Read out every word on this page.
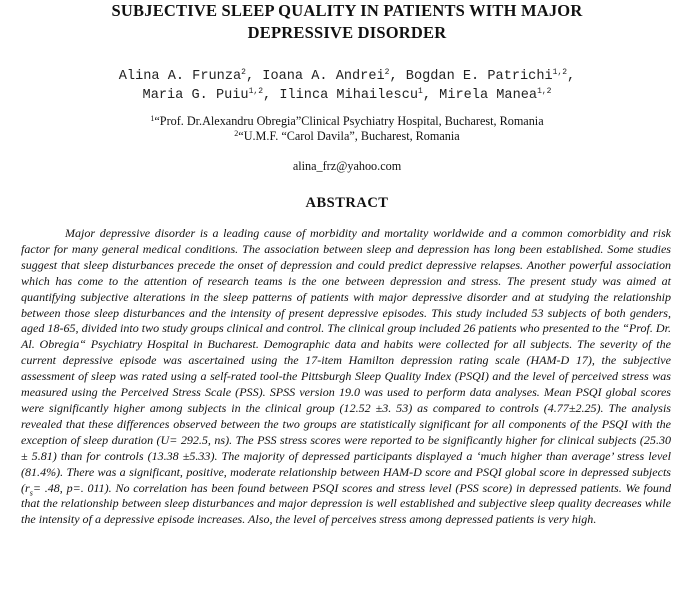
SUBJECTIVE SLEEP QUALITY IN PATIENTS WITH MAJOR
DEPRESSIVE DISORDER

Alina A. Frunza$^2$, Ioana A. Andrei$^2$, Bogdan E. Patrichi$^{1,2}$,

Maria G. Puiu$^{1,2}$, Ilinca Mihailescu$^1$, Mirela Manea$^{1,2}$

$^1$“Prof. Dr.Alexandru Obregia”Clinical Psychiatry Hospital, Bucharest, Romania

$^2$“U.M.F. “Carol Davila”, Bucharest, Romania

alina_frz@yahoo.com

ABSTRACT

Major depressive disorder is a leading cause of morbidity and mortality worldwide and a common comorbidity and risk factor for many general medical conditions. The association between sleep and depression has long been established. Some studies suggest that sleep disturbances precede the onset of depression and could predict depressive relapses. Another powerful association which has come to the attention of research teams is the one between depression and stress. The present study was aimed at quantifying subjective alterations in the sleep patterns of patients with major depressive disorder and at studying the relationship between those sleep disturbances and the intensity of present depressive episodes. This study included 53 subjects of both genders, aged 18-65, divided into two study groups clinical and control. The clinical group included 26 patients who presented to the “Prof. Dr. Al. Obregia“ Psychiatry Hospital in Bucharest. Demographic data and habits were collected for all subjects. The severity of the current depressive episode was ascertained using the 17-item Hamilton depression rating scale (HAM-D 17), the subjective assessment of sleep was rated using a self-rated tool-the Pittsburgh Sleep Quality Index (PSQI) and the level of perceived stress was measured using the Perceived Stress Scale (PSS). SPSS version 19.0 was used to perform data analyses. Mean PSQI global scores were significantly higher among subjects in the clinical group (12.52 ±3. 53) as compared to controls (4.77±2.25). The analysis revealed that these differences observed between the two groups are statistically significant for all components of the PSQI with the exception of sleep duration (U= 292.5, ns). The PSS stress scores were reported to be significantly higher for clinical subjects (25.30 ± 5.81) than for controls (13.38 ±5.33). The majority of depressed participants displayed a ‘much higher than average’ stress level (81.4%). There was a significant, positive, moderate relationship between HAM-D score and PSQI global score in depressed subjects ($r_s= .48$, p=. 011). No correlation has been found between PSQI scores and stress level (PSS score) in depressed patients. We found that the relationship between sleep disturbances and major depression is well established and subjective sleep quality decreases while the intensity of a depressive episode increases. Also, the level of perceives stress among depressed patients is very high.
